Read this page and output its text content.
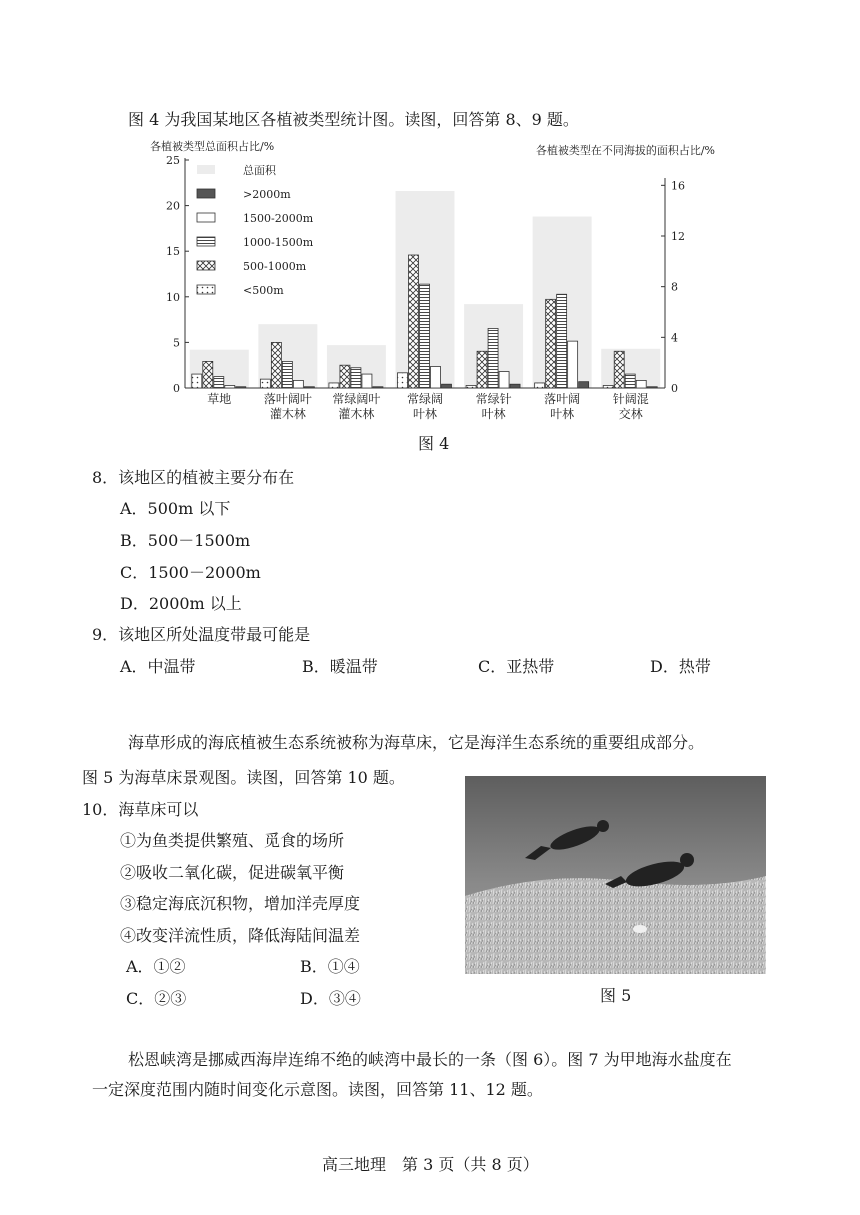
图 4 为我国某地区各植被类型统计图。读图，回答第 8、9 题。
总面积
>2000m
1500-2000m
1000-1500m
500-1000m
<500m
0
5
10
15
20
25
0
4
8
12
16
草地	落叶阔叶
灌木林
常绿阔叶
灌木林
常绿阔
叶林
常绿针
叶林
落叶阔
叶林
针阔混
交林
各植被类型总面积占比/%	各植被类型在不同海拔的面积占比/%
图 4
8．该地区的植被主要分布在
A．500m 以下
B．500－1500m
C．1500－2000m
D．2000m 以上
9．该地区所处温度带最可能是
A．中温带	B．暖温带	C．亚热带	D．热带
海草形成的海底植被生态系统被称为海草床，它是海洋生态系统的重要组成部分。
图 5 为海草床景观图。读图，回答第 10 题。
10．海草床可以
①为鱼类提供繁殖、觅食的场所
②吸收二氧化碳，促进碳氧平衡
③稳定海底沉积物，增加洋壳厚度
④改变洋流性质，降低海陆间温差
A．①②	B．①④
C．②③	D．③④	图 5
松恩峡湾是挪威西海岸连绵不绝的峡湾中最长的一条（图 6）。图 7 为甲地海水盐度在
一定深度范围内随时间变化示意图。读图，回答第 11、12 题。
高三地理　第 3 页（共 8 页）
